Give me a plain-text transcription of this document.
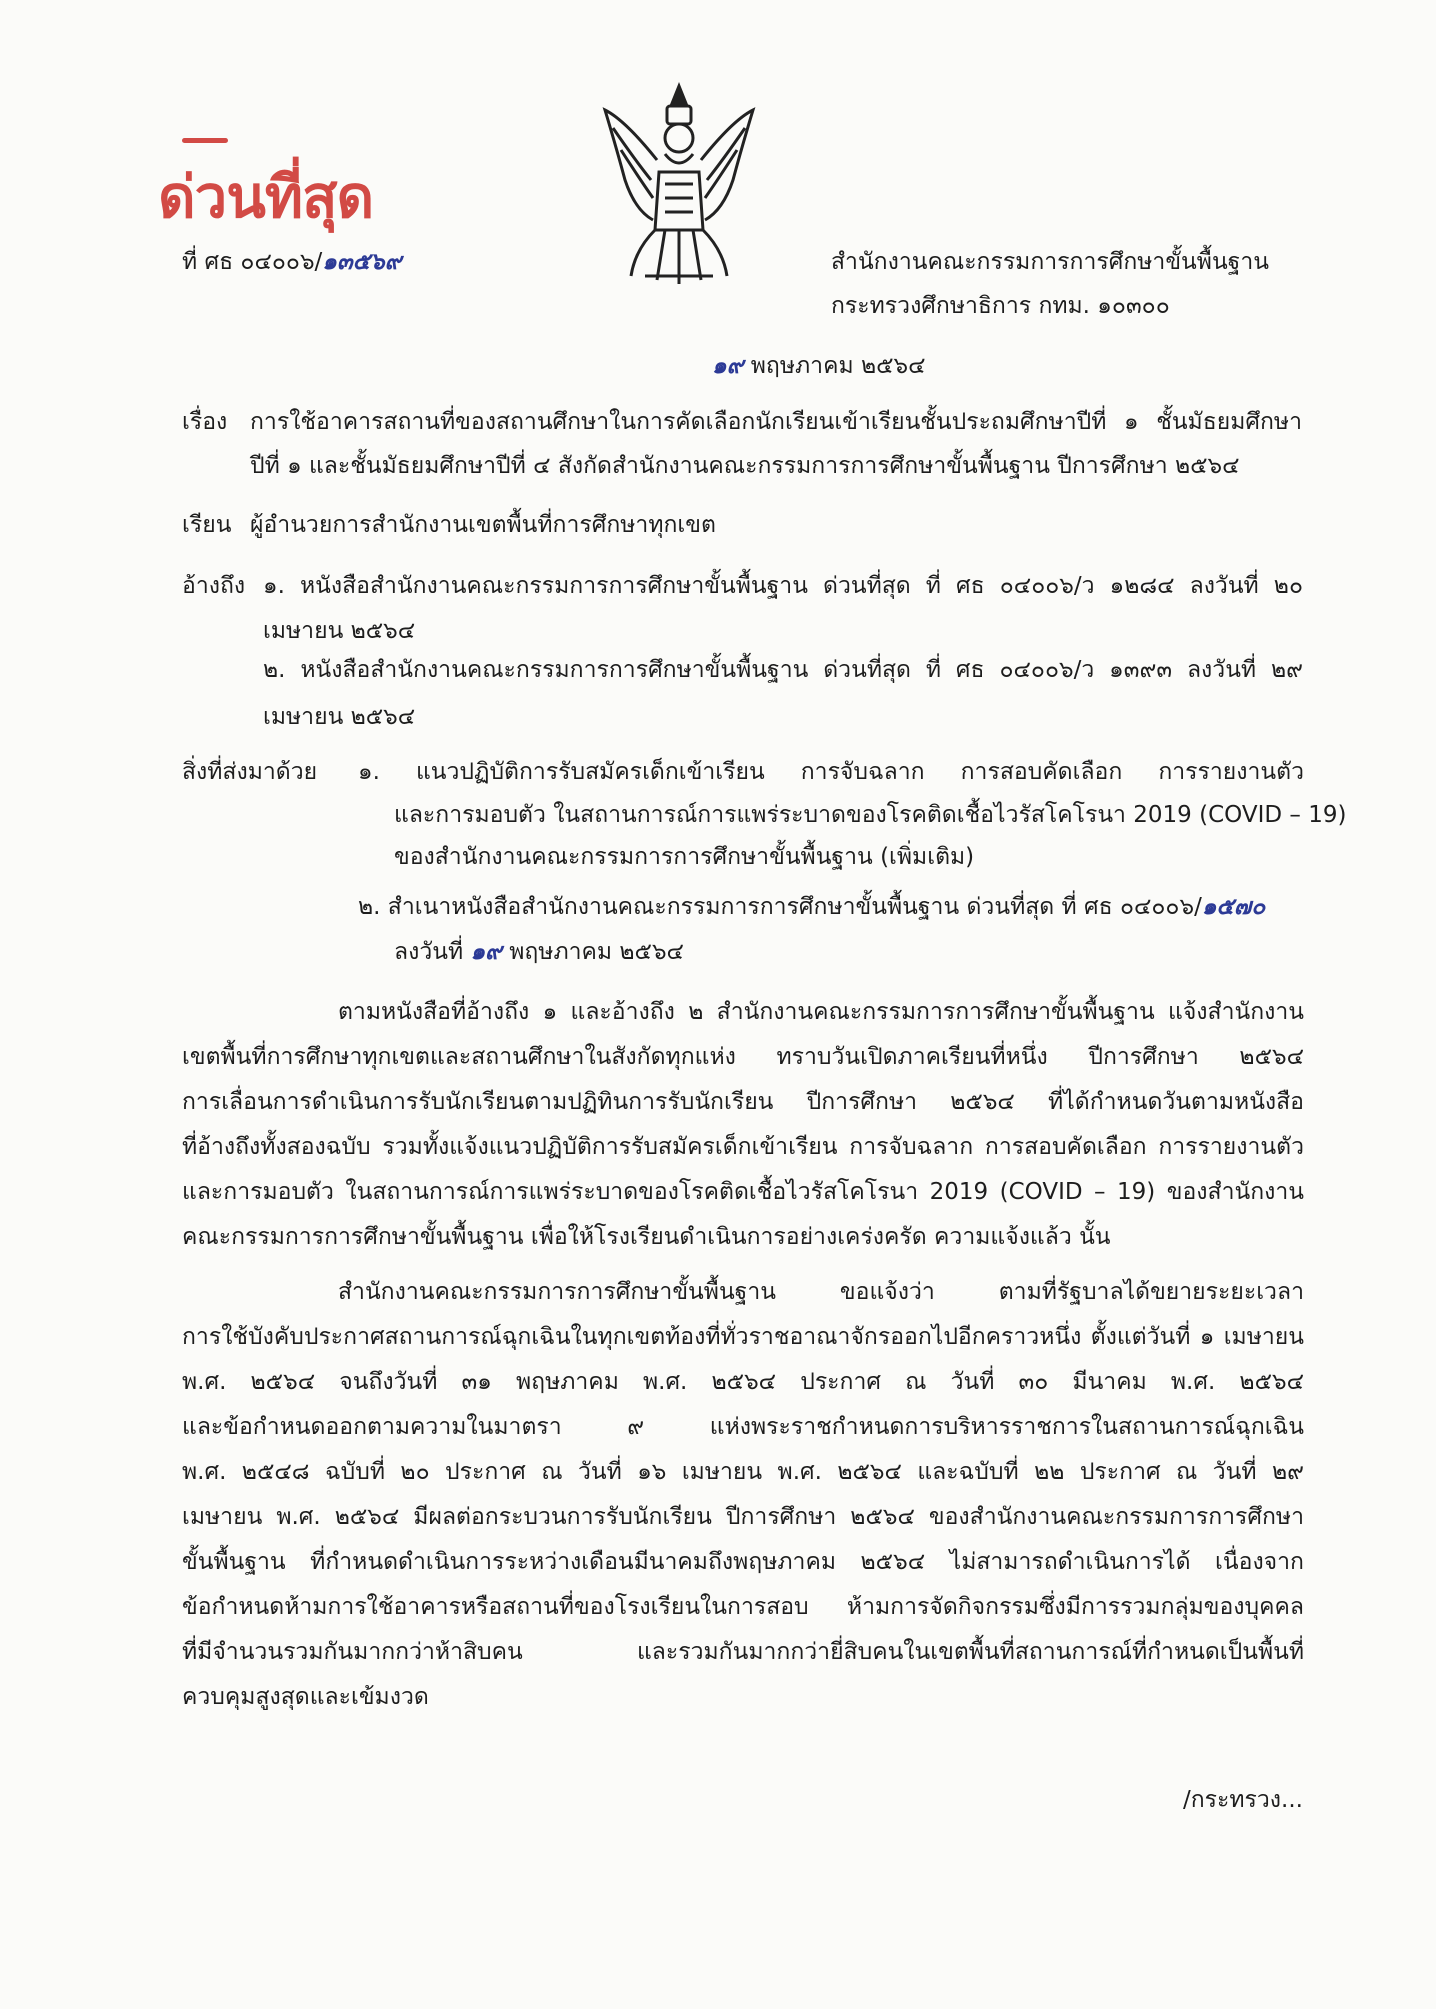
ด่วนที่สุด
ที่ ศธ ๐๔๐๐๖/๑๓๕๖๙	สำนักงานคณะกรรมการการศึกษาขั้นพื้นฐาน
กระทรวงศึกษาธิการ กทม. ๑๐๓๐๐
๑๙ พฤษภาคม ๒๕๖๔
เรื่อง การใช้อาคารสถานที่ของสถานศึกษาในการคัดเลือกนักเรียนเข้าเรียนชั้นประถมศึกษาปีที่ ๑ ชั้นมัธยมศึกษา
ปีที่ ๑ และชั้นมัธยมศึกษาปีที่ ๔ สังกัดสำนักงานคณะกรรมการการศึกษาขั้นพื้นฐาน ปีการศึกษา ๒๕๖๔
เรียน ผู้อำนวยการสำนักงานเขตพื้นที่การศึกษาทุกเขต
อ้างถึง ๑. หนังสือสำนักงานคณะกรรมการการศึกษาขั้นพื้นฐาน ด่วนที่สุด ที่ ศธ ๐๔๐๐๖/ว ๑๒๘๔ ลงวันที่ ๒๐
เมษายน ๒๕๖๔
๒. หนังสือสำนักงานคณะกรรมการการศึกษาขั้นพื้นฐาน ด่วนที่สุด ที่ ศธ ๐๔๐๐๖/ว ๑๓๙๓ ลงวันที่ ๒๙
เมษายน ๒๕๖๔
สิ่งที่ส่งมาด้วย ๑. แนวปฏิบัติการรับสมัครเด็กเข้าเรียน การจับฉลาก การสอบคัดเลือก การรายงานตัว
และการมอบตัว ในสถานการณ์การแพร่ระบาดของโรคติดเชื้อไวรัสโคโรนา 2019 (COVID – 19)
ของสำนักงานคณะกรรมการการศึกษาขั้นพื้นฐาน (เพิ่มเติม)
๒. สำเนาหนังสือสำนักงานคณะกรรมการการศึกษาขั้นพื้นฐาน ด่วนที่สุด ที่ ศธ ๐๔๐๐๖/๑๕๗๐
ลงวันที่ ๑๙ พฤษภาคม ๒๕๖๔
ตามหนังสือที่อ้างถึง ๑ และอ้างถึง ๒ สำนักงานคณะกรรมการการศึกษาขั้นพื้นฐาน แจ้งสำนักงาน
เขตพื้นที่การศึกษาทุกเขตและสถานศึกษาในสังกัดทุกแห่ง ทราบวันเปิดภาคเรียนที่หนึ่ง ปีการศึกษา ๒๕๖๔
การเลื่อนการดำเนินการรับนักเรียนตามปฏิทินการรับนักเรียน ปีการศึกษา ๒๕๖๔ ที่ได้กำหนดวันตามหนังสือ
ที่อ้างถึงทั้งสองฉบับ รวมทั้งแจ้งแนวปฏิบัติการรับสมัครเด็กเข้าเรียน การจับฉลาก การสอบคัดเลือก การรายงานตัว
และการมอบตัว ในสถานการณ์การแพร่ระบาดของโรคติดเชื้อไวรัสโคโรนา 2019 (COVID – 19) ของสำนักงาน
คณะกรรมการการศึกษาขั้นพื้นฐาน เพื่อให้โรงเรียนดำเนินการอย่างเคร่งครัด ความแจ้งแล้ว นั้น
สำนักงานคณะกรรมการการศึกษาขั้นพื้นฐาน ขอแจ้งว่า ตามที่รัฐบาลได้ขยายระยะเวลา
การใช้บังคับประกาศสถานการณ์ฉุกเฉินในทุกเขตท้องที่ทั่วราชอาณาจักรออกไปอีกคราวหนึ่ง ตั้งแต่วันที่ ๑ เมษายน
พ.ศ. ๒๕๖๔ จนถึงวันที่ ๓๑ พฤษภาคม พ.ศ. ๒๕๖๔ ประกาศ ณ วันที่ ๓๐ มีนาคม พ.ศ. ๒๕๖๔
และข้อกำหนดออกตามความในมาตรา ๙ แห่งพระราชกำหนดการบริหารราชการในสถานการณ์ฉุกเฉิน
พ.ศ. ๒๕๔๘ ฉบับที่ ๒๐ ประกาศ ณ วันที่ ๑๖ เมษายน พ.ศ. ๒๕๖๔ และฉบับที่ ๒๒ ประกาศ ณ วันที่ ๒๙
เมษายน พ.ศ. ๒๕๖๔ มีผลต่อกระบวนการรับนักเรียน ปีการศึกษา ๒๕๖๔ ของสำนักงานคณะกรรมการการศึกษา
ขั้นพื้นฐาน ที่กำหนดดำเนินการระหว่างเดือนมีนาคมถึงพฤษภาคม ๒๕๖๔ ไม่สามารถดำเนินการได้ เนื่องจาก
ข้อกำหนดห้ามการใช้อาคารหรือสถานที่ของโรงเรียนในการสอบ ห้ามการจัดกิจกรรมซึ่งมีการรวมกลุ่มของบุคคล
ที่มีจำนวนรวมกันมากกว่าห้าสิบคน และรวมกันมากกว่ายี่สิบคนในเขตพื้นที่สถานการณ์ที่กำหนดเป็นพื้นที่
ควบคุมสูงสุดและเข้มงวด
/กระทรวง...
